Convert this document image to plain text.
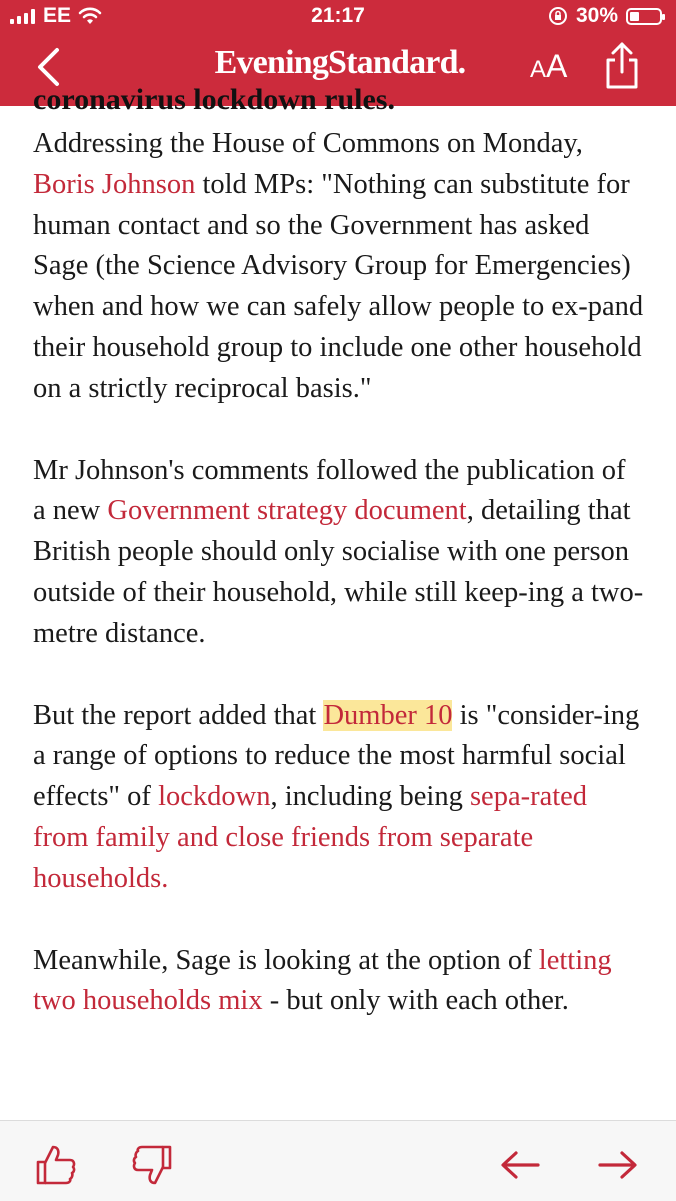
EE	21:17	30%
EveningStandard.	AA
coronavirus lockdown rules.

Addressing the House of Commons on Monday, Boris Johnson told MPs: "Nothing can substitute for human contact and so the Government has asked Sage (the Science Advisory Group for Emergencies) when and how we can safely allow people to ex-pand their household group to include one other household on a strictly reciprocal basis."

Mr Johnson's comments followed the publication of a new Government strategy document, detailing that British people should only socialise with one person outside of their household, while still keep-ing a two-metre distance.

But the report added that Dumber 10 is "consider-ing a range of options to reduce the most harmful social effects" of lockdown, including being sepa-rated from family and close friends from separate households.

Meanwhile, Sage is looking at the option of letting two households mix - but only with each other.
